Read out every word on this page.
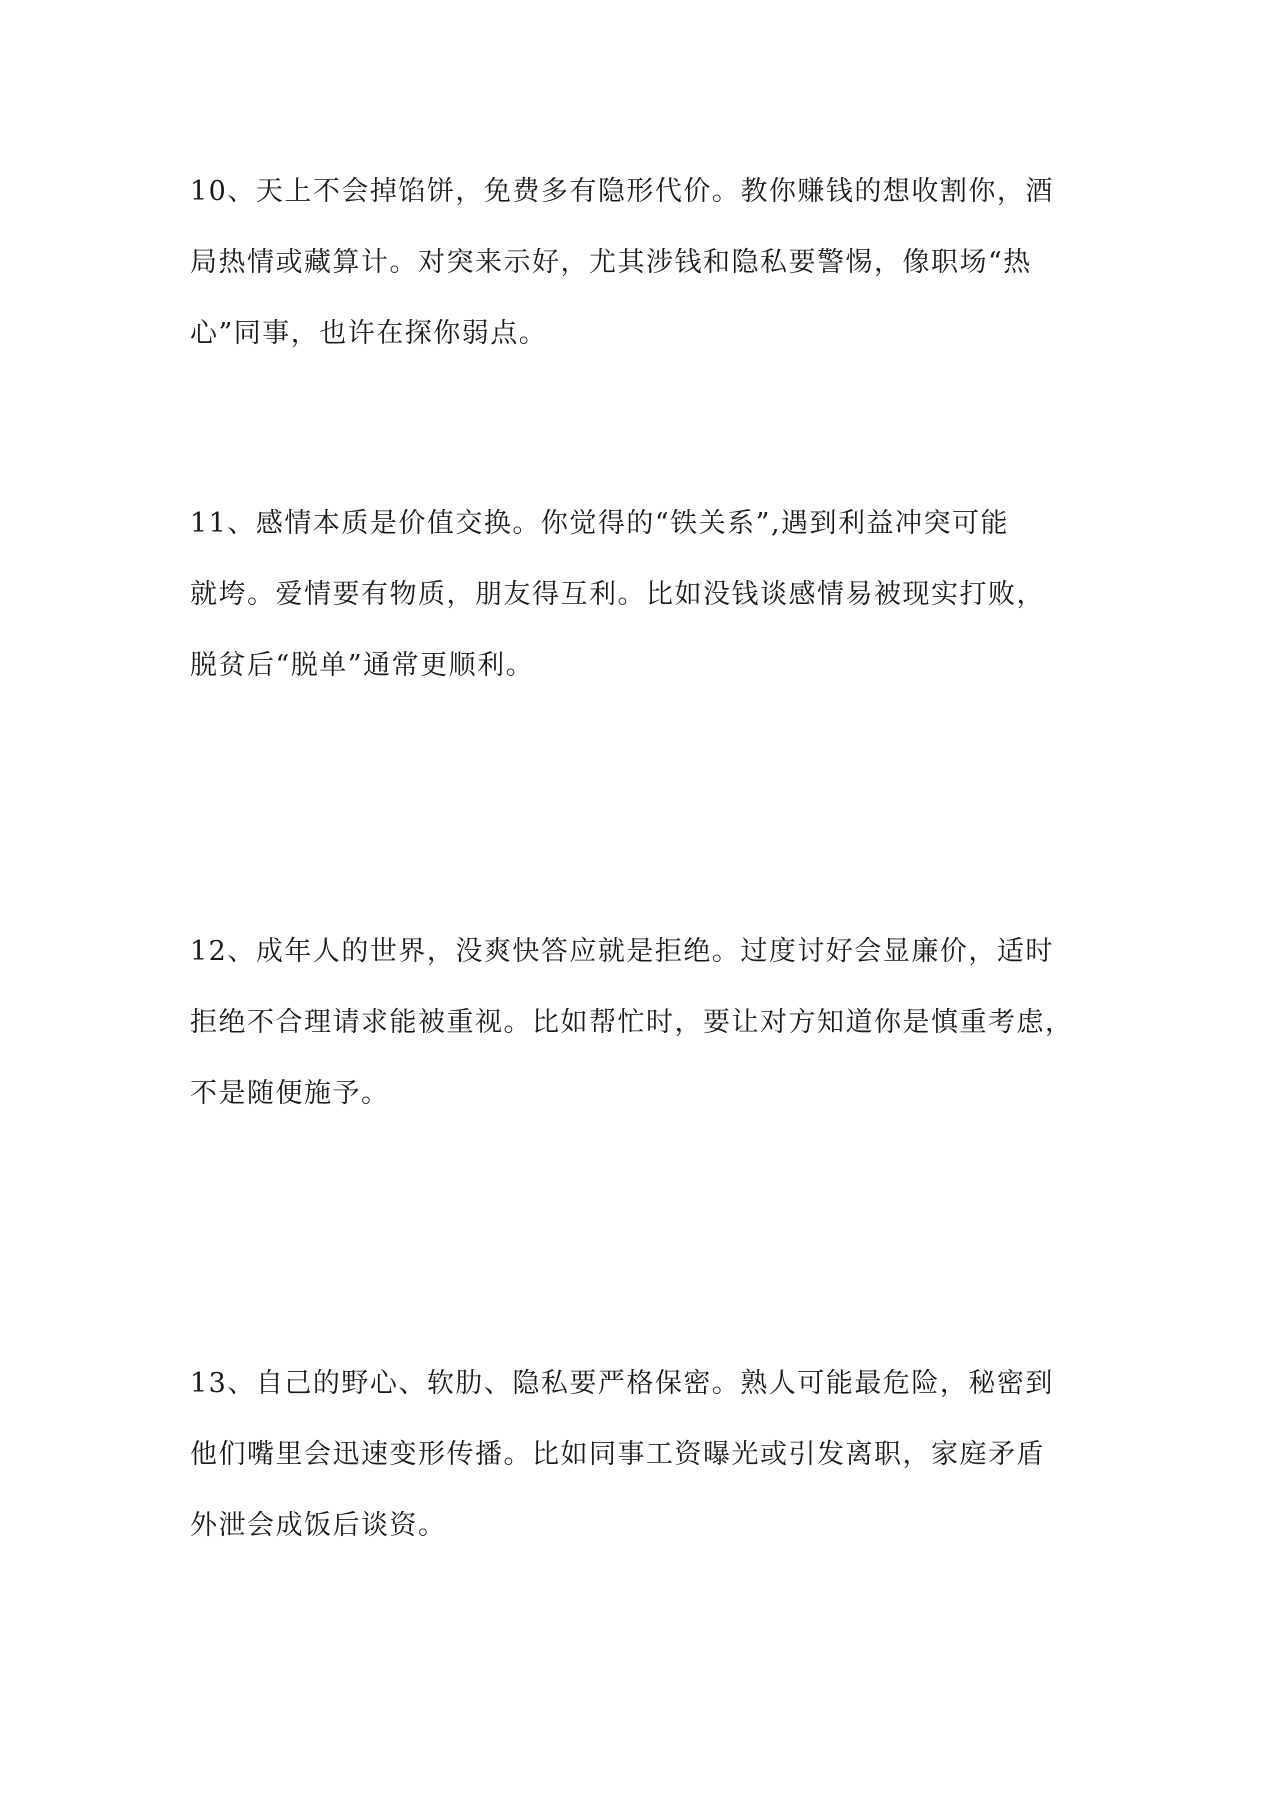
10、天上不会掉馅饼，免费多有隐形代价。教你赚钱的想收割你，酒
局热情或藏算计。对突来示好，尤其涉钱和隐私要警惕，像职场“热
心”同事，也许在探你弱点。
11、感情本质是价值交换。你觉得的“铁关系”,遇到利益冲突可能
就垮。爱情要有物质，朋友得互利。比如没钱谈感情易被现实打败，
脱贫后“脱单”通常更顺利。
12、成年人的世界，没爽快答应就是拒绝。过度讨好会显廉价，适时
拒绝不合理请求能被重视。比如帮忙时，要让对方知道你是慎重考虑，
不是随便施予。
13、自己的野心、软肋、隐私要严格保密。熟人可能最危险，秘密到
他们嘴里会迅速变形传播。比如同事工资曝光或引发离职，家庭矛盾
外泄会成饭后谈资。
